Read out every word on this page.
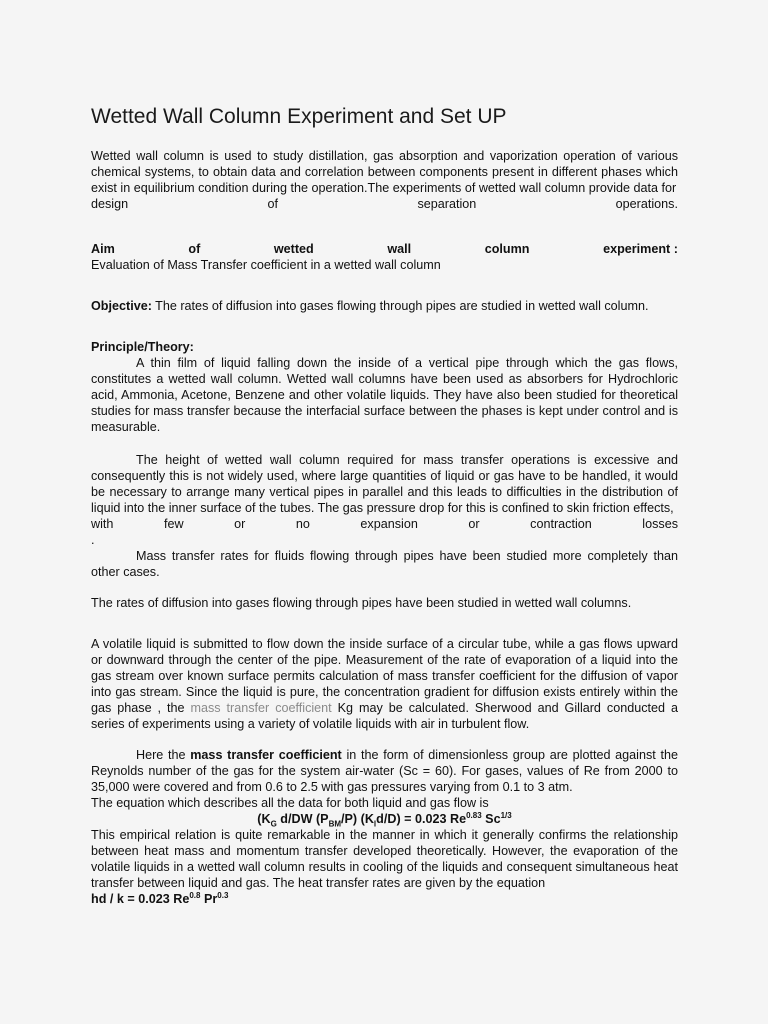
Wetted Wall Column Experiment and Set UP

Wetted wall column is used to study distillation, gas absorption and vaporization operation of various chemical systems, to obtain data and correlation between components present in different phases which exist in equilibrium condition during the operation.The experiments of wetted wall column provide data for

design	of	separation	operations.
Aim	of	wetted	wall	column	experiment :

Evaluation of Mass Transfer coefficient in a wetted wall column

Objective: The rates of diffusion into gases flowing through pipes are studied in wetted wall column.

Principle/Theory:

A thin film of liquid falling down the inside of a vertical pipe through which the gas flows, constitutes a wetted wall column. Wetted wall columns have been used as absorbers for Hydrochloric acid, Ammonia, Acetone, Benzene and other volatile liquids. They have also been studied for theoretical studies for mass transfer because the interfacial surface between the phases is kept under control and is measurable.

The height of wetted wall column required for mass transfer operations is excessive and consequently this is not widely used, where large quantities of liquid or gas have to be handled, it would be necessary to arrange many vertical pipes in parallel and this leads to difficulties in the distribution of liquid into the inner surface of the tubes. The gas pressure drop for this is confined to skin friction effects,

with	few	or	no	expansion	or	contraction	losses

.

Mass transfer rates for fluids flowing through pipes have been studied more completely than other cases.

The rates of diffusion into gases flowing through pipes have been studied in wetted wall columns.

A volatile liquid is submitted to flow down the inside surface of a circular tube, while a gas flows upward or downward through the center of the pipe. Measurement of the rate of evaporation of a liquid into the gas stream over known surface permits calculation of mass transfer coefficient for the diffusion of vapor into gas stream. Since the liquid is pure, the concentration gradient for diffusion exists entirely within the gas phase , the mass transfer coefficient Kg may be calculated. Sherwood and Gillard conducted a series of experiments using a variety of volatile liquids with air in turbulent flow.

Here the mass transfer coefficient in the form of dimensionless group are plotted against the Reynolds number of the gas for the system air-water (Sc = 60). For gases, values of Re from 2000 to 35,000 were covered and from 0.6 to 2.5 with gas pressures varying from 0.1 to 3 atm.

The equation which describes all the data for both liquid and gas flow is

($K_G$ d/DW $(P_{BM}/P) (K_ld/D) = 0.023$ $Re^{0.83}$ $Sc^{1/3}$

This empirical relation is quite remarkable in the manner in which it generally confirms the relationship between heat mass and momentum transfer developed theoretically. However, the evaporation of the volatile liquids in a wetted wall column results in cooling of the liquids and consequent simultaneous heat transfer between liquid and gas. The heat transfer rates are given by the equation

hd / k = 0.023 $Re^{0.8}$ $Pr^{0.3}$
